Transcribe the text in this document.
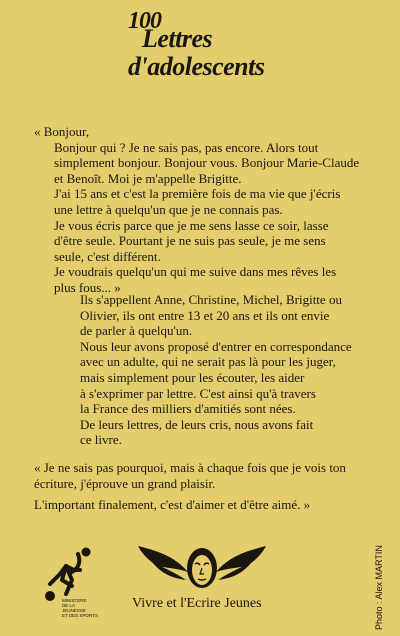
100
Lettres
d'adolescents

« Bonjour,

Bonjour qui ? Je ne sais pas, pas encore. Alors tout
simplement bonjour. Bonjour vous. Bonjour Marie-Claude
et Benoît. Moi je m'appelle Brigitte.
J'ai 15 ans et c'est la première fois de ma vie que j'écris
une lettre à quelqu'un que je ne connais pas.
Je vous écris parce que je me sens lasse ce soir, lasse
d'être seule. Pourtant je ne suis pas seule, je me sens
seule, c'est différent.
Je voudrais quelqu'un qui me suive dans mes rêves les
plus fous... »

Ils s'appellent Anne, Christine, Michel, Brigitte ou
Olivier, ils ont entre 13 et 20 ans et ils ont envie
de parler à quelqu'un.
Nous leur avons proposé d'entrer en correspondance
avec un adulte, qui ne serait pas là pour les juger,
mais simplement pour les écouter, les aider
à s'exprimer par lettre. C'est ainsi qu'à travers
la France des milliers d'amitiés sont nées.
De leurs lettres, de leurs cris, nous avons fait
ce livre.

« Je ne sais pas pourquoi, mais à chaque fois que je vois ton
écriture, j'éprouve un grand plaisir.
L'important finalement, c'est d'aimer et d'être aimé. »
Photo : Alex MARTIN
MINISTERE
DE LA
JEUNESSE
ET DES SPORTS
Vivre et l'Ecrire Jeunes
